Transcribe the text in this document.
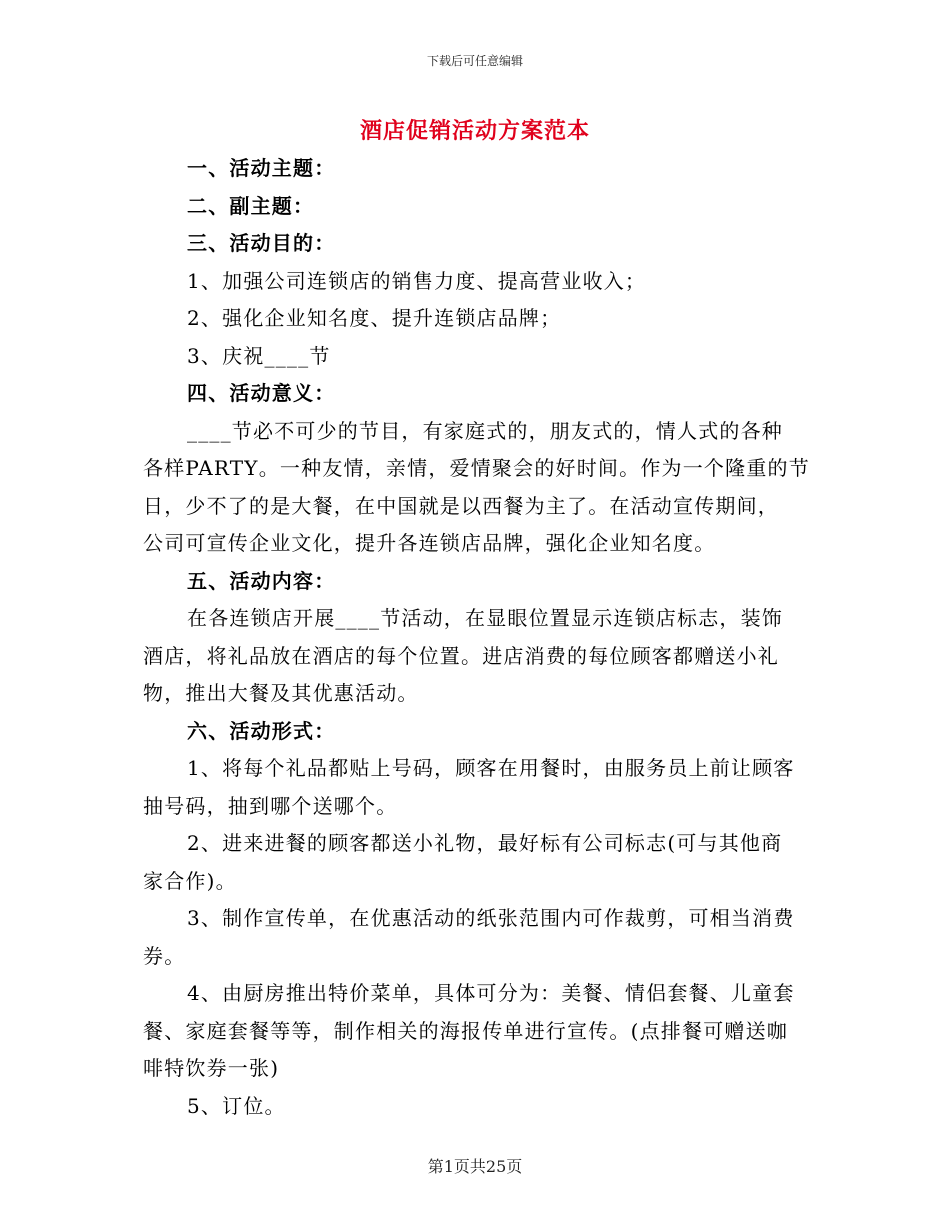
下载后可任意编辑
酒店促销活动方案范本

一、活动主题：

二、副主题：

三、活动目的：

1、加强公司连锁店的销售力度、提高营业收入；

2、强化企业知名度、提升连锁店品牌；

3、庆祝____节

四、活动意义：

____节必不可少的节目，有家庭式的，朋友式的，情人式的各种

各样PARTY。一种友情，亲情，爱情聚会的好时间。作为一个隆重的节

日，少不了的是大餐，在中国就是以西餐为主了。在活动宣传期间，

公司可宣传企业文化，提升各连锁店品牌，强化企业知名度。

五、活动内容：

在各连锁店开展____节活动，在显眼位置显示连锁店标志，装饰

酒店，将礼品放在酒店的每个位置。进店消费的每位顾客都赠送小礼

物，推出大餐及其优惠活动。

六、活动形式：

1、将每个礼品都贴上号码，顾客在用餐时，由服务员上前让顾客

抽号码，抽到哪个送哪个。

2、进来进餐的顾客都送小礼物，最好标有公司标志(可与其他商

家合作)。

3、制作宣传单，在优惠活动的纸张范围内可作裁剪，可相当消费

券。

4、由厨房推出特价菜单，具体可分为：美餐、情侣套餐、儿童套

餐、家庭套餐等等，制作相关的海报传单进行宣传。(点排餐可赠送咖

啡特饮券一张)

5、订位。

第1页共25页
